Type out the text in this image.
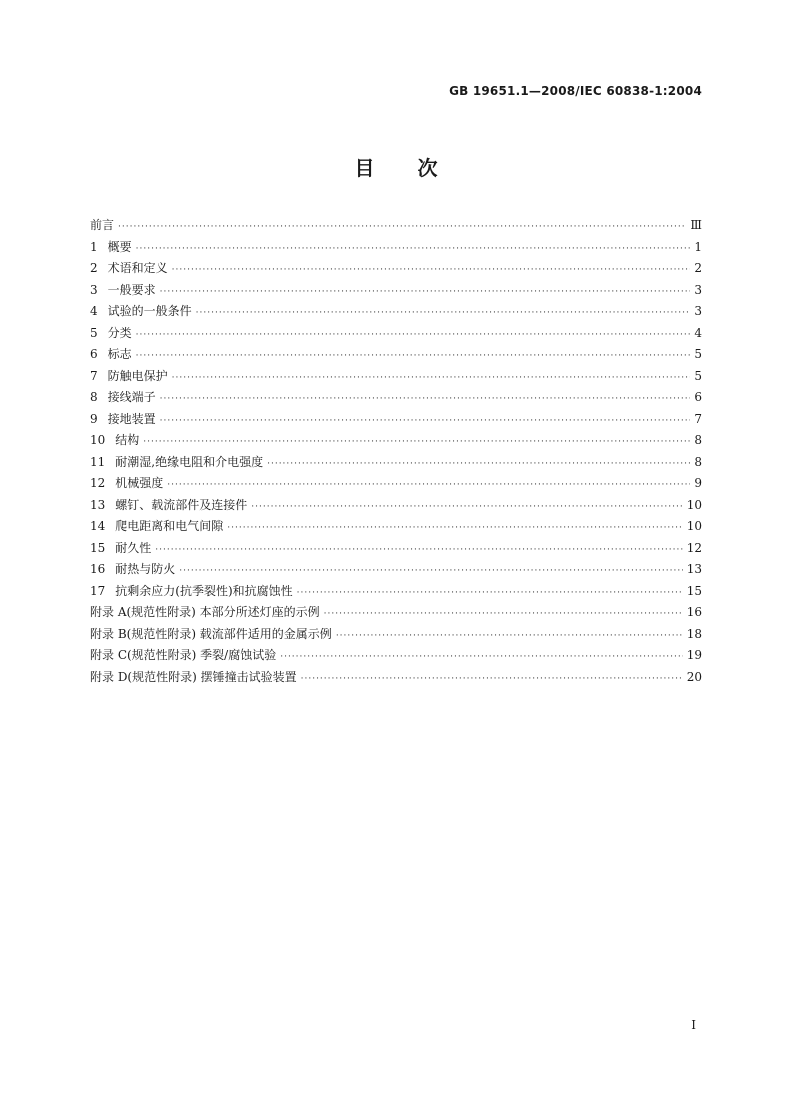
GB 19651.1—2008/IEC 60838-1:2004
目 次
前言 ·····	Ⅲ
1 概要 ·····	1
2 术语和定义 ·····	2
3 一般要求 ·····	3
4 试验的一般条件 ·····	3
5 分类 ·····	4
6 标志 ·····	5
7 防触电保护 ·····	5
8 接线端子 ·····	6
9 接地装置 ·····	7
10 结构 ·····	8
11 耐潮湿,绝缘电阻和介电强度 ·····	8
12 机械强度 ·····	9
13 螺钉、载流部件及连接件 ·····	10
14 爬电距离和电气间隙 ·····	10
15 耐久性 ·····	12
16 耐热与防火 ·····	13
17 抗剩余应力(抗季裂性)和抗腐蚀性 ·····	15
附录 A(规范性附录) 本部分所述灯座的示例 ·····	16
附录 B(规范性附录) 载流部件适用的金属示例 ·····	18
附录 C(规范性附录) 季裂/腐蚀试验 ·····	19
附录 D(规范性附录) 摆锤撞击试验装置 ·····	20
I
